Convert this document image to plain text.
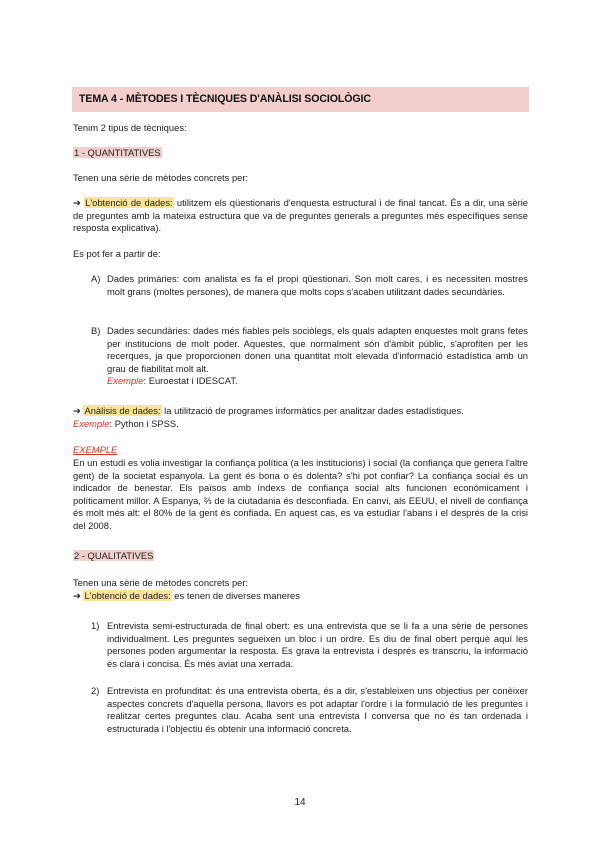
TEMA 4 - MÈTODES I TÈCNIQUES D'ANÀLISI SOCIOLÒGIC
Tenim 2 tipus de tècniques:
1 - QUANTITATIVES
Tenen una sèrie de mètodes concrets per:
➔ L'obtenció de dades: utilitzem els qüestionaris d'enquesta estructural i de final tancat. És a dir, una sèrie de preguntes amb la mateixa estructura que va de preguntes generals a preguntes més específiques sense resposta explicativa).
Es pot fer a partir de:
A) Dades primàries: com analista es fa el propi qüestionari. Son molt cares, i es necessiten mostres molt grans (moltes persones), de manera que molts cops s'acaben utilitzant dades secundàries.
B) Dades secundàries: dades més fiables pels sociòlegs, els quals adapten enquestes molt grans fetes per institucions de molt poder. Aquestes, que normalment són d'àmbit públic, s'aprofiten per les recerques, ja que proporcionen donen una quantitat molt elevada d'informació estadística amb un grau de fiabilitat molt alt.
Exemple: Euroestat i IDESCAT.
➔ Anàlisis de dades: la utilització de programes informàtics per analitzar dades estadístiques.
Exemple: Python i SPSS.
EXEMPLE
En un estudi es volia investigar la confiança política (a les institucions) i social (la confiança que genera l'altre gent) de la societat espanyola. La gent és bona o és dolenta? s'hi pot confiar? La confiança social és un indicador de benestar. Els països amb índexs de confiança social alts funcionen econòmicament i políticament millor. A Espanya, ⅔ de la ciutadania és desconfiada. En canvi, als EEUU, el nivell de confiança és molt més alt: el 80% de la gent és confiada. En aquest cas, es va estudiar l'abans i el després de la crisi del 2008.
2 - QUALITATIVES
Tenen una sèrie de mètodes concrets per:
➔ L'obtenció de dades: es tenen de diverses maneres
1) Entrevista semi-estructurada de final obert: es una entrevista que se li fa a una sèrie de persones individualment. Les preguntes segueixen un bloc i un ordre. Es diu de final obert perquè aquí les persones poden argumentar la resposta. Es grava la entrevista i després es transcriu, la informació és clara i concisa. És més aviat una xerrada.
2) Entrevista en profunditat: és una entrevista oberta, és a dir, s'estableixen uns objectius per conèixer aspectes concrets d'aquella persona, llavors es pot adaptar l'ordre i la formulació de les preguntes i realitzar certes preguntes clau. Acaba sent una entrevista I conversa que no és tan ordenada i estructurada i l'objectiu és obtenir una informació concreta.
14
